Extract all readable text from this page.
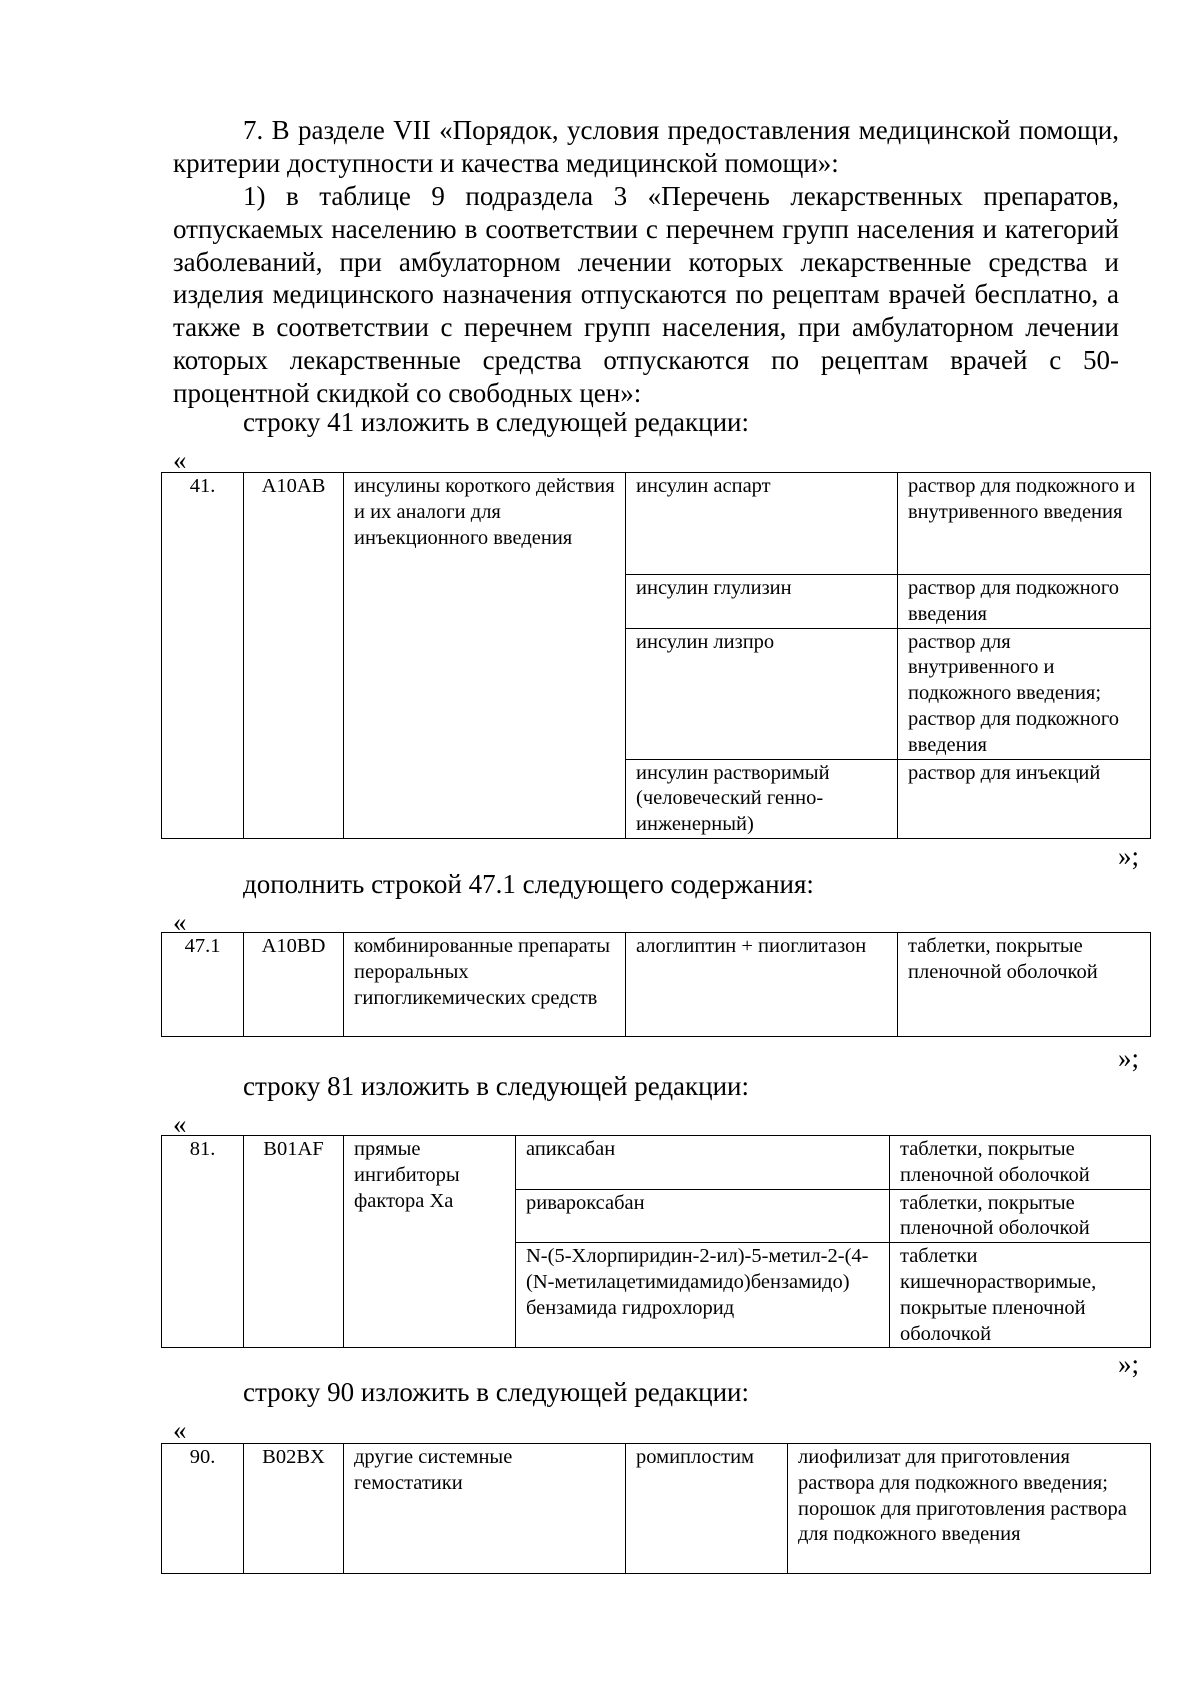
7. В разделе VII «Порядок, условия предоставления медицинской помощи, критерии доступности и качества медицинской помощи»:

1) в таблице 9 подраздела 3 «Перечень лекарственных препаратов, отпускаемых населению в соответствии с перечнем групп населения и категорий заболеваний, при амбулаторном лечении которых лекарственные средства и изделия медицинского назначения отпускаются по рецептам врачей бесплатно, а также в соответствии с перечнем групп населения, при амбулаторном лечении которых лекарственные средства отпускаются по рецептам врачей с 50-процентной скидкой со свободных цен»:

строку 41 изложить в следующей редакции:

«

41.	A10AB	инсулины короткого действия и их аналоги для инъекционного введения	инсулин аспарт	раствор для подкожного и внутривенного введения
			инсулин глулизин	раствор для подкожного введения
			инсулин лизпро	раствор для внутривенного и подкожного введения; раствор для подкожного введения
			инсулин растворимый (человеческий генно-инженерный)	раствор для инъекций

»;

дополнить строкой 47.1 следующего содержания:

«

47.1	A10BD	комбинированные препараты пероральных гипогликемических средств	алоглиптин + пиоглитазон	таблетки, покрытые пленочной оболочкой

»;

строку 81 изложить в следующей редакции:

«

81.	B01AF	прямые ингибиторы фактора Xa	апиксабан	таблетки, покрытые пленочной оболочкой
			ривароксабан	таблетки, покрытые пленочной оболочкой
			N-(5-Хлорпиридин-2-ил)-5-метил-2-(4-(N-метилацетимидамидо)бензамидо) бензамида гидрохлорид	таблетки кишечнорастворимые, покрытые пленочной оболочкой

»;

строку 90 изложить в следующей редакции:

«

90.	B02BX	другие системные гемостатики	ромиплостим	лиофилизат для приготовления раствора для подкожного введения; порошок для приготовления раствора для подкожного введения
